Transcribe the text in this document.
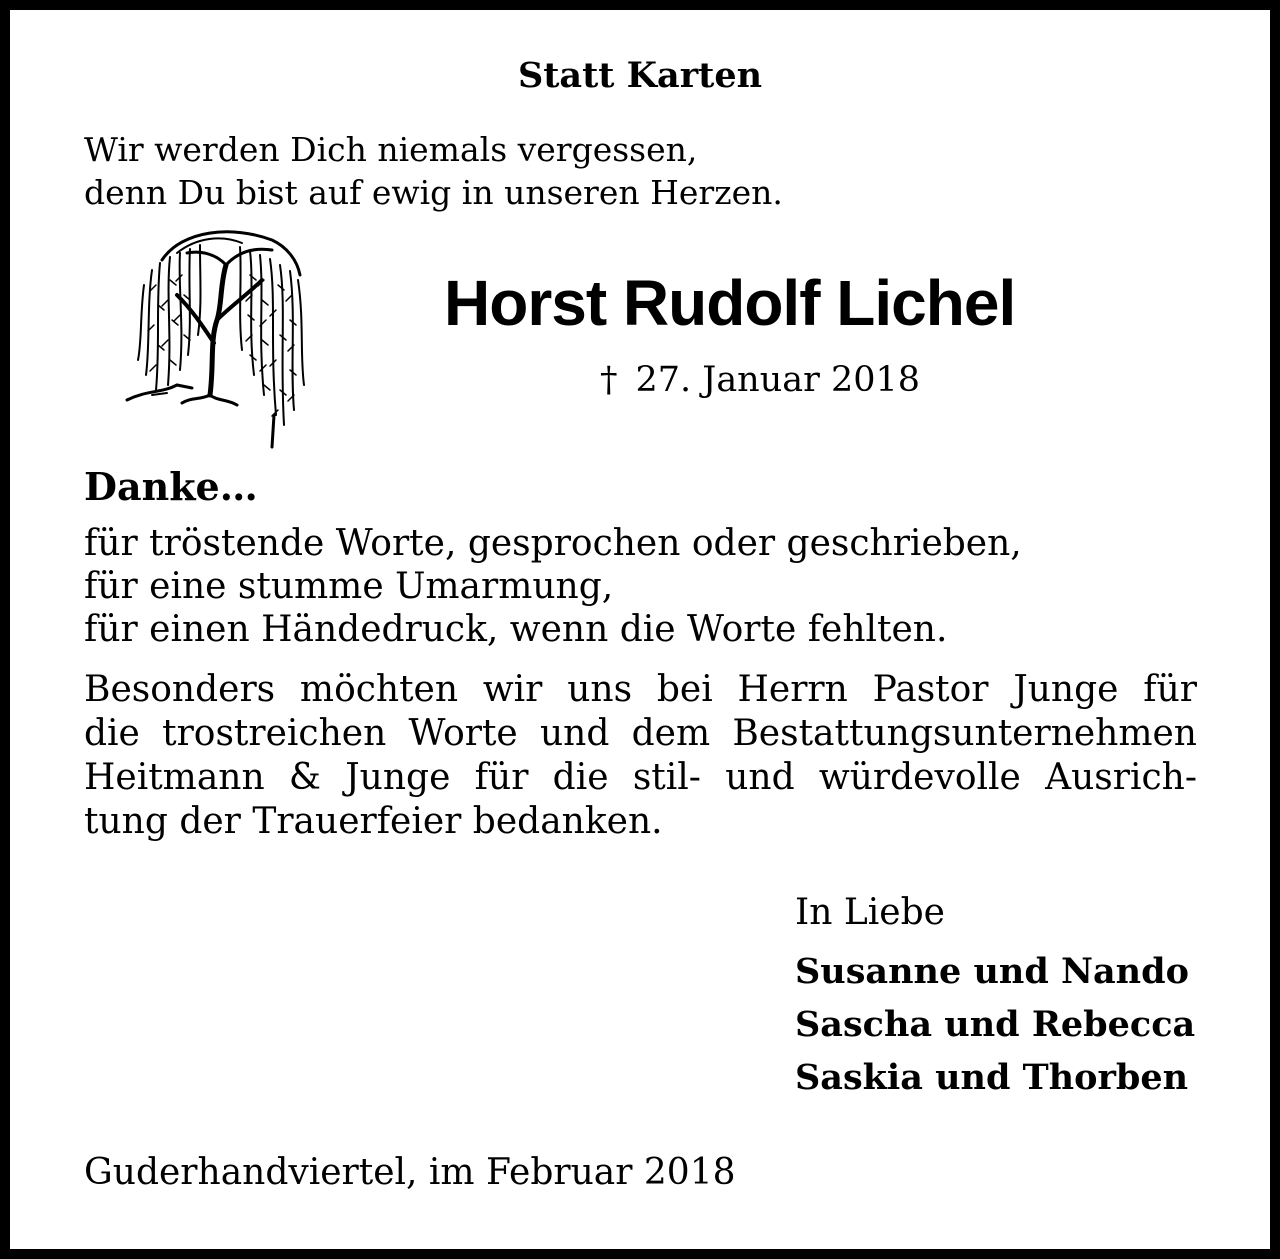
Statt Karten
Wir werden Dich niemals vergessen,
denn Du bist auf ewig in unseren Herzen.
Horst Rudolf Lichel
† 27. Januar 2018
Danke…
für tröstende Worte, gesprochen oder geschrieben,
für eine stumme Umarmung,
für einen Händedruck, wenn die Worte fehlten.
Besonders möchten wir uns bei Herrn Pastor Junge für
die trostreichen Worte und dem Bestattungsunternehmen
Heitmann & Junge für die stil- und würdevolle Ausrich-
tung der Trauerfeier bedanken.
In Liebe
Susanne und Nando
Sascha und Rebecca
Saskia und Thorben
Guderhandviertel, im Februar 2018
